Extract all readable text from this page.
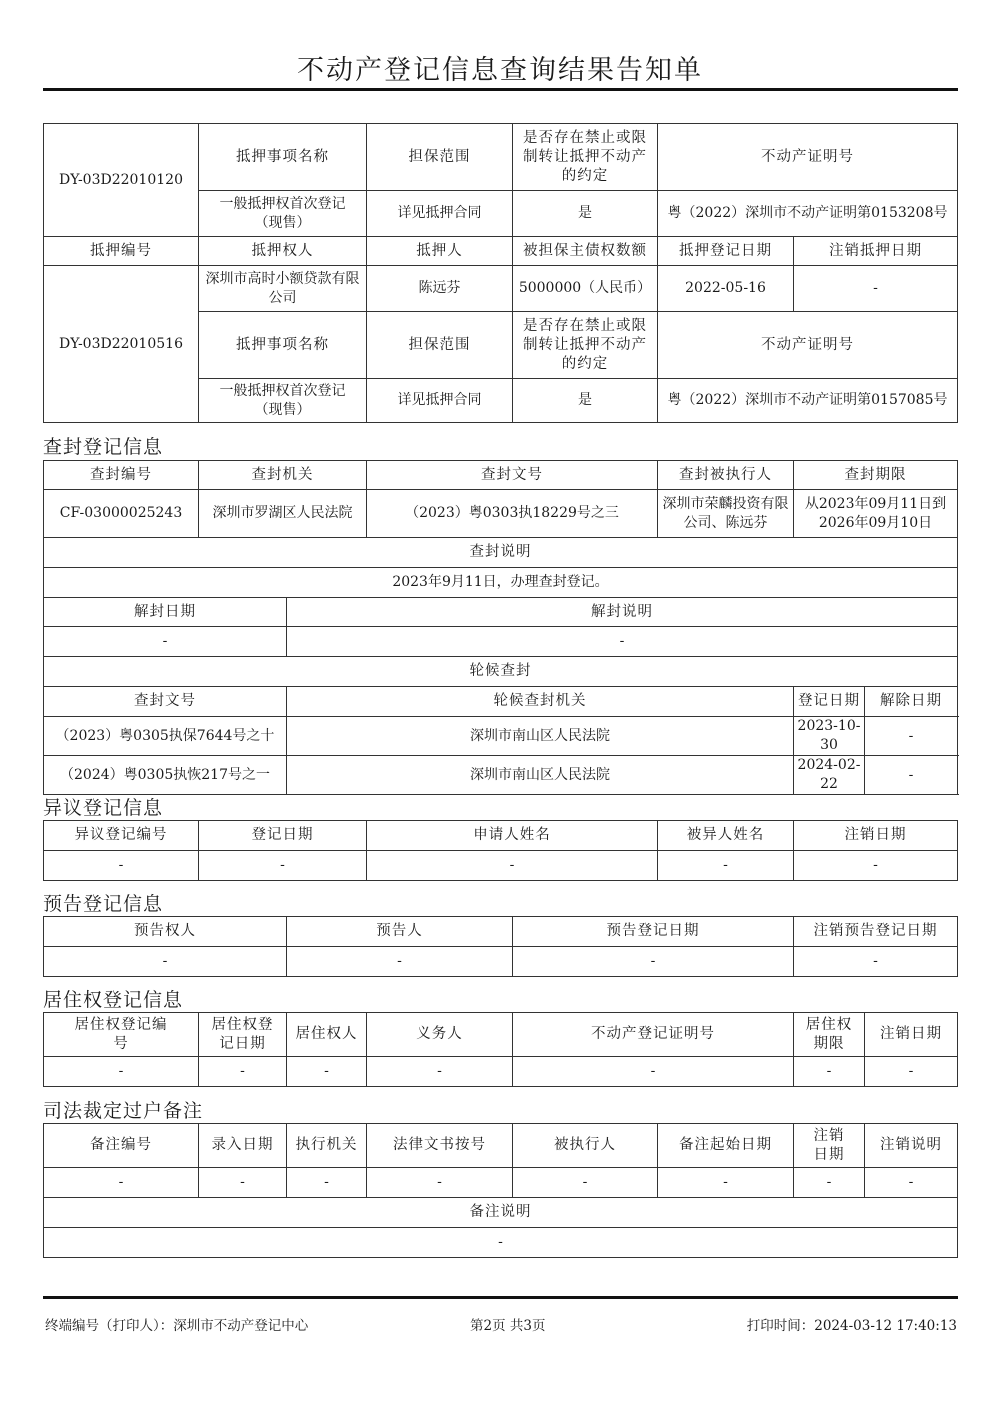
不动产登记信息查询结果告知单
DY-03D22010120	抵押事项名称	担保范围	是否存在禁止或限制转让抵押不动产的约定	不动产证明号	
	一般抵押权首次登记（现售）	详见抵押合同	是	粤（2022）深圳市不动产证明第0153208号	
抵押编号	抵押权人	抵押人	被担保主债权数额	抵押登记日期	注销抵押日期
DY-03D22010516	深圳市高时小额贷款有限公司	陈远芬	5000000（人民币）	2022-05-16	-
	抵押事项名称	担保范围	是否存在禁止或限制转让抵押不动产的约定	不动产证明号	
	一般抵押权首次登记（现售）	详见抵押合同	是	粤（2022）深圳市不动产证明第0157085号	
查封登记信息
查封编号	查封机关		查封文号	查封被执行人	查封期限	
CF-03000025243	深圳市罗湖区人民法院		（2023）粤0303执18229号之三	深圳市荣麟投资有限公司、陈远芬	从2023年09月11日到2026年09月10日	
查封说明						
2023年9月11日，办理查封登记。						
解封日期		解封说明				
-		-				
轮候查封						
查封文号		轮候查封机关			登记日期	解除日期
（2023）粤0305执保7644号之十		深圳市南山区人民法院			2023-10-30	-
（2024）粤0305执恢217号之一		深圳市南山区人民法院			2024-02-22	-
异议登记信息
异议登记编号	登记日期	申请人姓名	被异人姓名	注销日期
-	-	-	-	-
预告登记信息
预告权人	预告人	预告登记日期	注销预告登记日期
-	-	-	-
居住权登记信息
居住权登记编号	居住权登记日期	居住权人	义务人	不动产登记证明号	居住权期限	注销日期
-	-	-	-	-	-	-
司法裁定过户备注
备注编号	录入日期	执行机关	法律文书按号	被执行人	备注起始日期	注销日期	注销说明
-	-	-	-	-	-	-	-
备注说明							
-							
终端编号（打印人）：深圳市不动产登记中心	第2页 共3页	打印时间：2024-03-12 17:40:13
